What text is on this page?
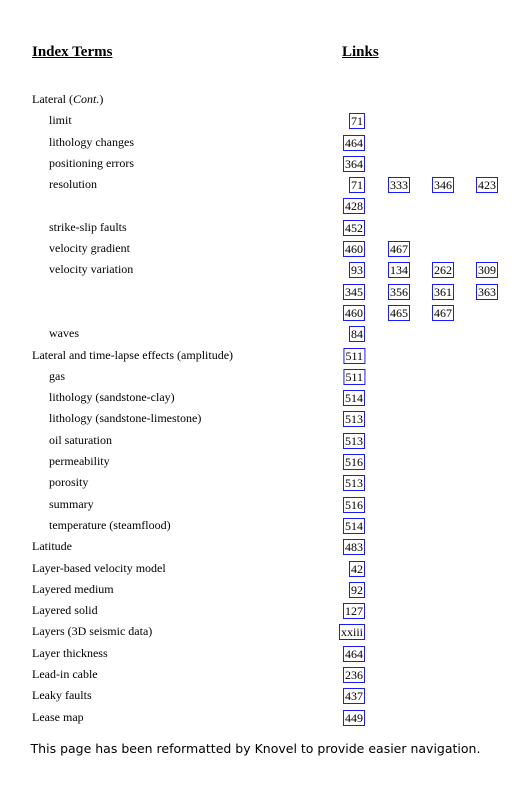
Index Terms	Links
Lateral (Cont.)
limit	71
lithology changes	464
positioning errors	364
resolution	71 333 346 423
428
strike-slip faults	452
velocity gradient	460 467
velocity variation	93 134 262 309
345 356 361 363
460 465 467
waves	84
Lateral and time-lapse effects (amplitude)	511
gas	511
lithology (sandstone-clay)	514
lithology (sandstone-limestone)	513
oil saturation	513
permeability	516
porosity	513
summary	516
temperature (steamflood)	514
Latitude	483
Layer-based velocity model	42
Layered medium	92
Layered solid	127
Layers (3D seismic data)	xxiii
Layer thickness	464
Lead-in cable	236
Leaky faults	437
Lease map	449
This page has been reformatted by Knovel to provide easier navigation.
